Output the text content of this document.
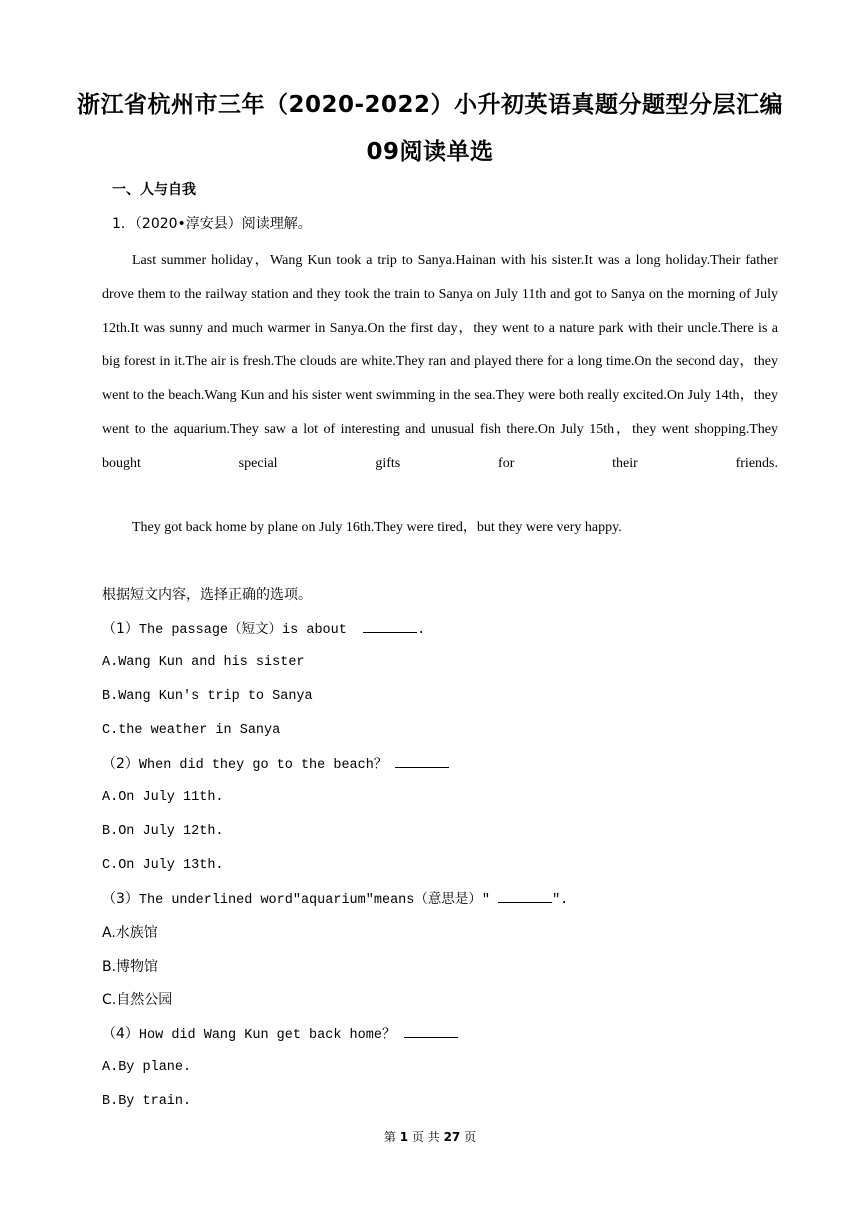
浙江省杭州市三年（2020-2022）小升初英语真题分题型分层汇编
09阅读单选
一、人与自我
1．（2020•淳安县）阅读理解。

Last summer holiday，Wang Kun took a trip to Sanya.Hainan with his sister.It was a long holiday.Their father drove them to the railway station and they took the train to Sanya on July 11th and got to Sanya on the morning of July 12th.It was sunny and much warmer in Sanya.On the first day，they went to a nature park with their uncle.There is a big forest in it.The air is fresh.The clouds are white.They ran and played there for a long time.On the second day，they went to the beach.Wang Kun and his sister went swimming in the sea.They were both really excited.On July 14th，they went to the aquarium.They saw a lot of interesting and unusual fish there.On July 15th，they went shopping.They bought special gifts for their friends.

They got back home by plane on July 16th.They were tired，but they were very happy.

根据短文内容，选择正确的选项。
（1）The passage（短文）is about	.
A.Wang Kun and his sister
B.Wang Kun's trip to Sanya
C.the weather in Sanya
（2）When did they go to the beach？
A.On July 11th.
B.On July 12th.
C.On July 13th.
（3）The underlined word"aquarium"means（意思是）"	".
A.水族馆
B.博物馆
C.自然公园
（4）How did Wang Kun get back home？
A.By plane.
B.By train.
第 1 页 共 27 页
